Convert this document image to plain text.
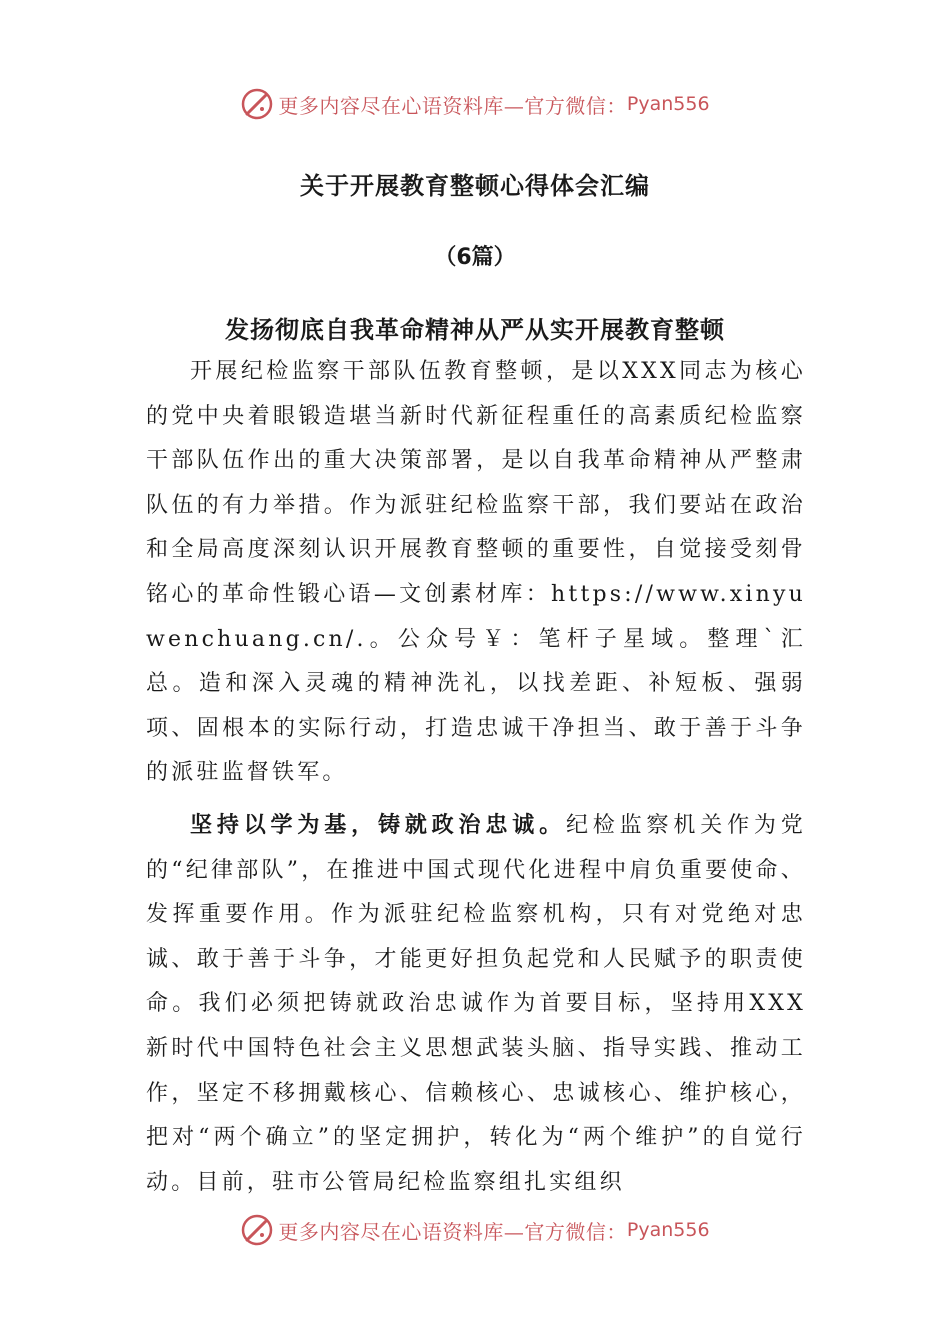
更多内容尽在心语资料库—官方微信： Pyan556
关于开展教育整顿心得体会汇编
（6篇）
发扬彻底自我革命精神从严从实开展教育整顿

开展纪检监察干部队伍教育整顿，是以XXX同志为核心的党中央着眼锻造堪当新时代新征程重任的高素质纪检监察干部队伍作出的重大决策部署，是以自我革命精神从严整肃队伍的有力举措。作为派驻纪检监察干部，我们要站在政治和全局高度深刻认识开展教育整顿的重要性，自觉接受刻骨铭心的革命性锻心语—文创素材库：https://www.xinyuwenchuang.cn/.。公众号￥：笔杆子星域。整理`汇总。造和深入灵魂的精神洗礼，以找差距、补短板、强弱项、固根本的实际行动，打造忠诚干净担当、敢于善于斗争的派驻监督铁军。

坚持以学为基，铸就政治忠诚。纪检监察机关作为党的“纪律部队”，在推进中国式现代化进程中肩负重要使命、发挥重要作用。作为派驻纪检监察机构，只有对党绝对忠诚、敢于善于斗争，才能更好担负起党和人民赋予的职责使命。我们必须把铸就政治忠诚作为首要目标，坚持用XXX新时代中国特色社会主义思想武装头脑、指导实践、推动工作，坚定不移拥戴核心、信赖核心、忠诚核心、维护核心，把对“两个确立”的坚定拥护，转化为“两个维护”的自觉行动。目前，驻市公管局纪检监察组扎实组织

更多内容尽在心语资料库—官方微信： Pyan556
